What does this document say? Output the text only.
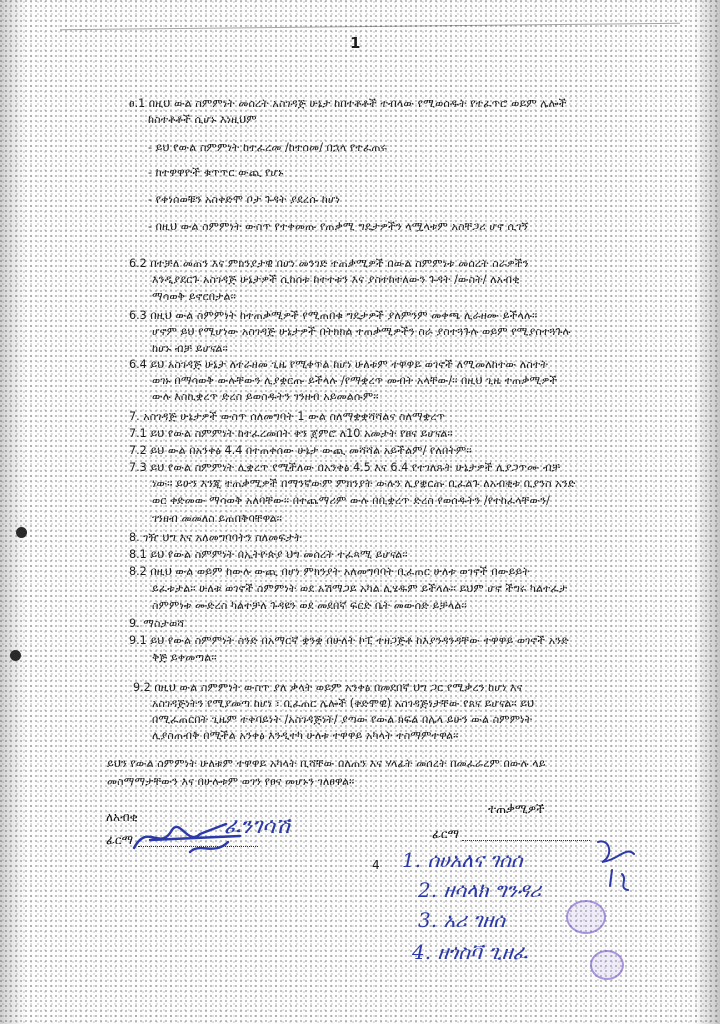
1
ፀ.1 በዚህ ውል ስምምነት መሰረት አስገዳጅ ሁኔታ ከበተቶቶች ተብላው የሚወሰዱት የተፈጥሮ ወይም ሌሎች
ከስተቶቶች ሲሆኑ እነዚህም
- ይህ የውል ስምምነት ከተፈረመ /ከተሰመ/ በኋላ የተፈጠሩ
- ከተዋዋዮች ቁጥጥር ውጪ የሆኑ
- የቀነሰወቹን አስቀድሞ ቦታ ጉዳት ያደረሱ ከሆነ
- በዚህ ውል ስምምነት ውስጥ የተቀመጡ የጠቃሚ ግዴታዎችን ላሟላቱም አስቸጋሪ ሆኖ ሲገኝ
6.2 በተቻለ መጠን እና ምክንያታዊ በሆነ መንገድ ተጠቃሚዎች በውል ስምምነቱ መሰረት ስራዎችን
እንዲያደርጉ አስገዳጅ ሁኔታዎች ሲከሰቱ ከተተቱን እና ያስተከተለውን ጉዳት /ውስት/ ለአብቂ
ማሳወቅ ይኖርበታል፡፡
6.3 በዚህ ውል ስምምነት ከተጠቃሚዎች የሚጠበቁ ግዴታዎች ያለምንም መቀጫ ሊራዘሙ ይችላሉ፡፡
ሆኖም ይህ የሚሆነው አስገዳጅ ሁኔታዎች በትክክል ተጠቃሚዎችን ስራ ያስተጓጉሉ ወይም የሚያስተጓጉሉ
ከሆኑ ብቻ ይሆናል፡፡
6.4 ይህ አስገዳጅ ሁኔታ ለተራዘመ ጊዜ የሚቀጥል ከሆነ ሁለቱም ተዋዋይ ወገኖች ለሚመለከተው ለስተት
ወገኑ በማሳወቅ ውሉቸውን ሊያቋርጡ ይችላሉ /የማቋረጥ መብት አላቸው/፡፡ በዚህ ጊዜ ተጠቃሚዎች
ውሉ እስኪቋረጥ ድረስ ይወስዱትን ገንዘብ አይመልሱም፡፡
7. አስገዳጅ ሁኔታዎች ውስጥ ሰለመግባት 1 ውል ስለማቋቋሻሻልና ስለማቋረጥ
7.1 ይህ የውል ስምምነት ከተፈረመበት ቀን ጀምሮ ለ10 አመታት የፀና ይሆናል፡፡
7.2 ይህ ውል በአንቀፅ 4.4 በተጠቀሰው ሁኔታ ውጪ መሻሻል አይችልም/ የለበትም፡፡
7.3 ይህ የውል ስምምነት ሊቋረጥ የሚችለው በአንቀፅ 4.5 እና 6.4 የተገለጹት ሁኔታዎች ሊያጋጥሙ ብቻ
ነው፡፡ ይሁን እንጂ ተጠቃሚዎች በማንኛውም ምክንያት ውሉን ሊያቋርጡ ቢፈልጉ ለአብቂቱ ቢያንስ አንድ
ወር ቀድመው ማሳወቅ አለባቸው፡፡ በተጨማሪም ውሉ በቢቋረጥ ድረስ የወሰዱትን /የተከፈላቸውን/
ገንዘብ መመለስ ይጠበቅባቸዋል፡፡
8. ገዥ ህግ እና አለመግባባትን ስለመፍታት
8.1 ይህ የውል ስምምነት በኢትዮጵያ ህግ መሰረት ተፈጻሚ ይሆናል፡፡
8.2 በዚህ ውል ወይም ከውሉ ውጪ በሆነ ምክንያት አለመግባባት ቢፈጠር ሁለቱ ወገኖች በውይይት
ይፈቱታል፡፡ ሁለቱ ወገኖች ስምምነት ወደ አሽማጋይ አካል ሊሄዱም ይችላሉ፡፡ ይህም ሆኖ ችግሩ ካልተፈታ
ስምምነቱ ሙድረስ ካልተቻለ ጉዳዩን ወደ መደበኛ ፍርድ ቤት መውሰድ ይቻላል፡፡
9. ማስታወሻ
9.1 ይህ የውል ስምምነት ስንድ በአማርኛ ቋንቋ በሁለት ኮፒ ተዘጋጅቶ ከእያንዳንዳቸው ተዋዋይ ወገኖች አንድ
ቅጅ ይቀመጣል፡፡
9.2 በዚህ ውል ስምምነት ውስጥ ያለ ቃላት ወይም አንቀፅ በመደበኛ ህግ ጋር የሚቃረን ከሆነ እና
አስገዳጅነትን የሚያመጣ ከሆነ ፣ ቢፈጠር ሌሎች (ቀድሞዊ) አስገዳጅነታቸው የጸና ይሆናል፡፡ ይህ
በሚፈጠርበት ጊዜም ተቀባይነት /አስገዳጅነት/ ያጣው የውል ክፍል በሌላ ይሁን ውል ስምምነት
ሊያስጠብቅ በሚችል አንቀፅ እንዲተካ ሁለቱ ተዋዋይ አካላት ተስማምተዋል፡፡
ይህን የውል ስምምነት ሁለቱም ተዋዋይ አካላት ቢሻቸው በለጠን እና ሃላፊት መሰረት በመፈራረም በውሉ ላይ
መስማማታቸውን እና በሁሉቱም ወገን የፀና መሆኑን ገለፀዋል፡፡
ለአብቂ
ፊርማ
ፈንገሳሽ
ተጠቃሚዎች
ፊርማ
4 1. ሰሀአለና ገሰሰ
2. ዘሳላክ ግንዳሪ
3. አሪ ገዘሰ
4. ዘጎስቫ ጊዘፈ
